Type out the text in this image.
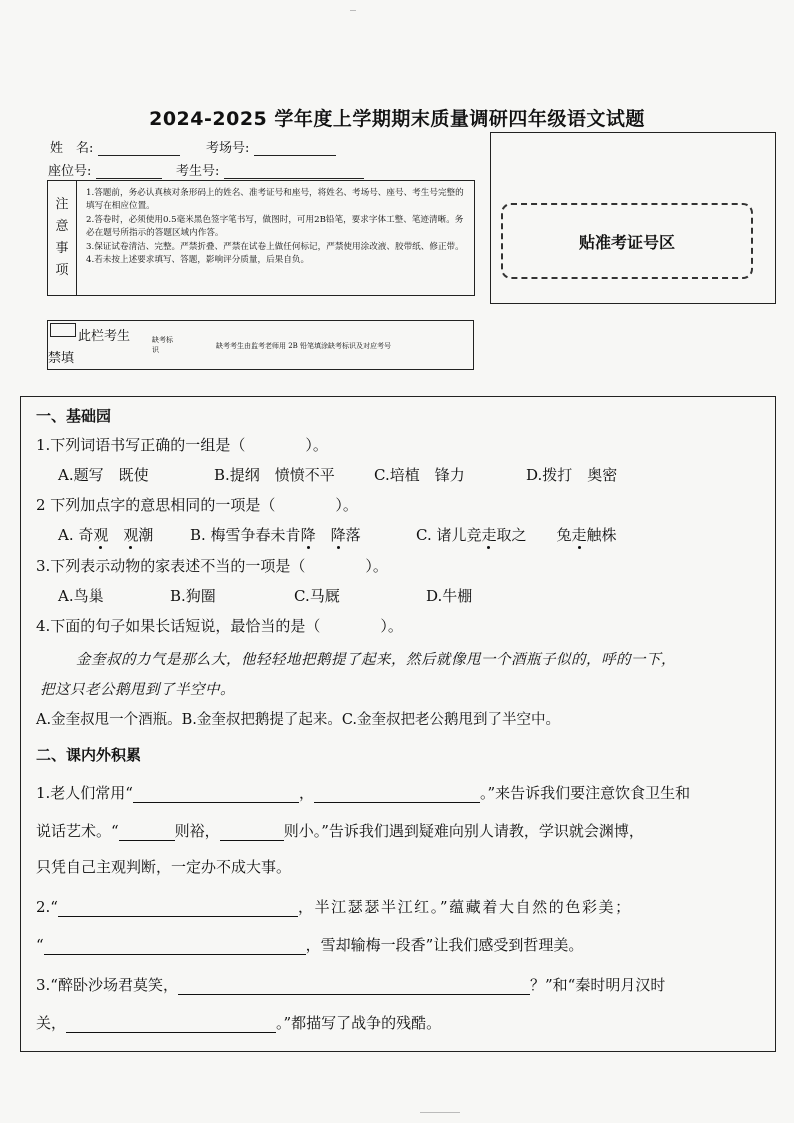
2024-2025 学年度上学期期末质量调研四年级语文试题
姓　名:	考场号:
座位号:	考生号:
注
意
事
项
1.答题前，务必认真核对条形码上的姓名、准考证号和座号，将姓名、考场号、座号、考生号完整的填写在相应位置。
2.答卷时，必须使用0.5毫米黑色签字笔书写，做图时，可用2B铅笔，要求字体工整、笔迹清晰。务必在题号所指示的答题区域内作答。
3.保证试卷清洁、完整。严禁折叠、严禁在试卷上做任何标记，严禁使用涂改液、胶带纸、修正带。
4.若未按上述要求填写、答题，影响评分质量，后果自负。
贴准考证号区
此栏考生
禁填
缺考标
识	缺考考生由监考老师用 2B 铅笔填涂缺考标识及对应考号
一、基础园
1.下列词语书写正确的一组是（　　　　）。
A.题写　既使	B.提纲　愤愤不平	C.培植　锋力	D.拨打　奥密
2 下列加点字的意思相同的一项是（　　　　）。
A. 奇观　 观潮 B. 梅雪争春未肯降　 降落	C. 诸儿竞走取之　　兔走触株
3.下列表示动物的家表述不当的一项是（　　　　）。
A.鸟巢	B.狗圈	C.马厩	D.牛棚
4.下面的句子如果长话短说，最恰当的是（　　　　）。
金奎叔的力气是那么大，他轻轻地把鹅提了起来，然后就像甩一个酒瓶子似的，呼的一下，
把这只老公鹅甩到了半空中。
A.金奎叔甩一个酒瓶。B.金奎叔把鹅提了起来。C.金奎叔把老公鹅甩到了半空中。
二、课内外积累
1.老人们常用“	，	。”来告诉我们要注意饮食卫生和
说话艺术。“	则裕，	则小。”告诉我们遇到疑难向别人请教，学识就会渊博，
只凭自己主观判断，一定办不成大事。
2.“	，半江瑟瑟半江红。”蕴藏着大自然的色彩美；
“	，雪却输梅一段香”让我们感受到哲理美。
3.“醉卧沙场君莫笑，	？”和“秦时明月汉时
关，	。”都描写了战争的残酷。
